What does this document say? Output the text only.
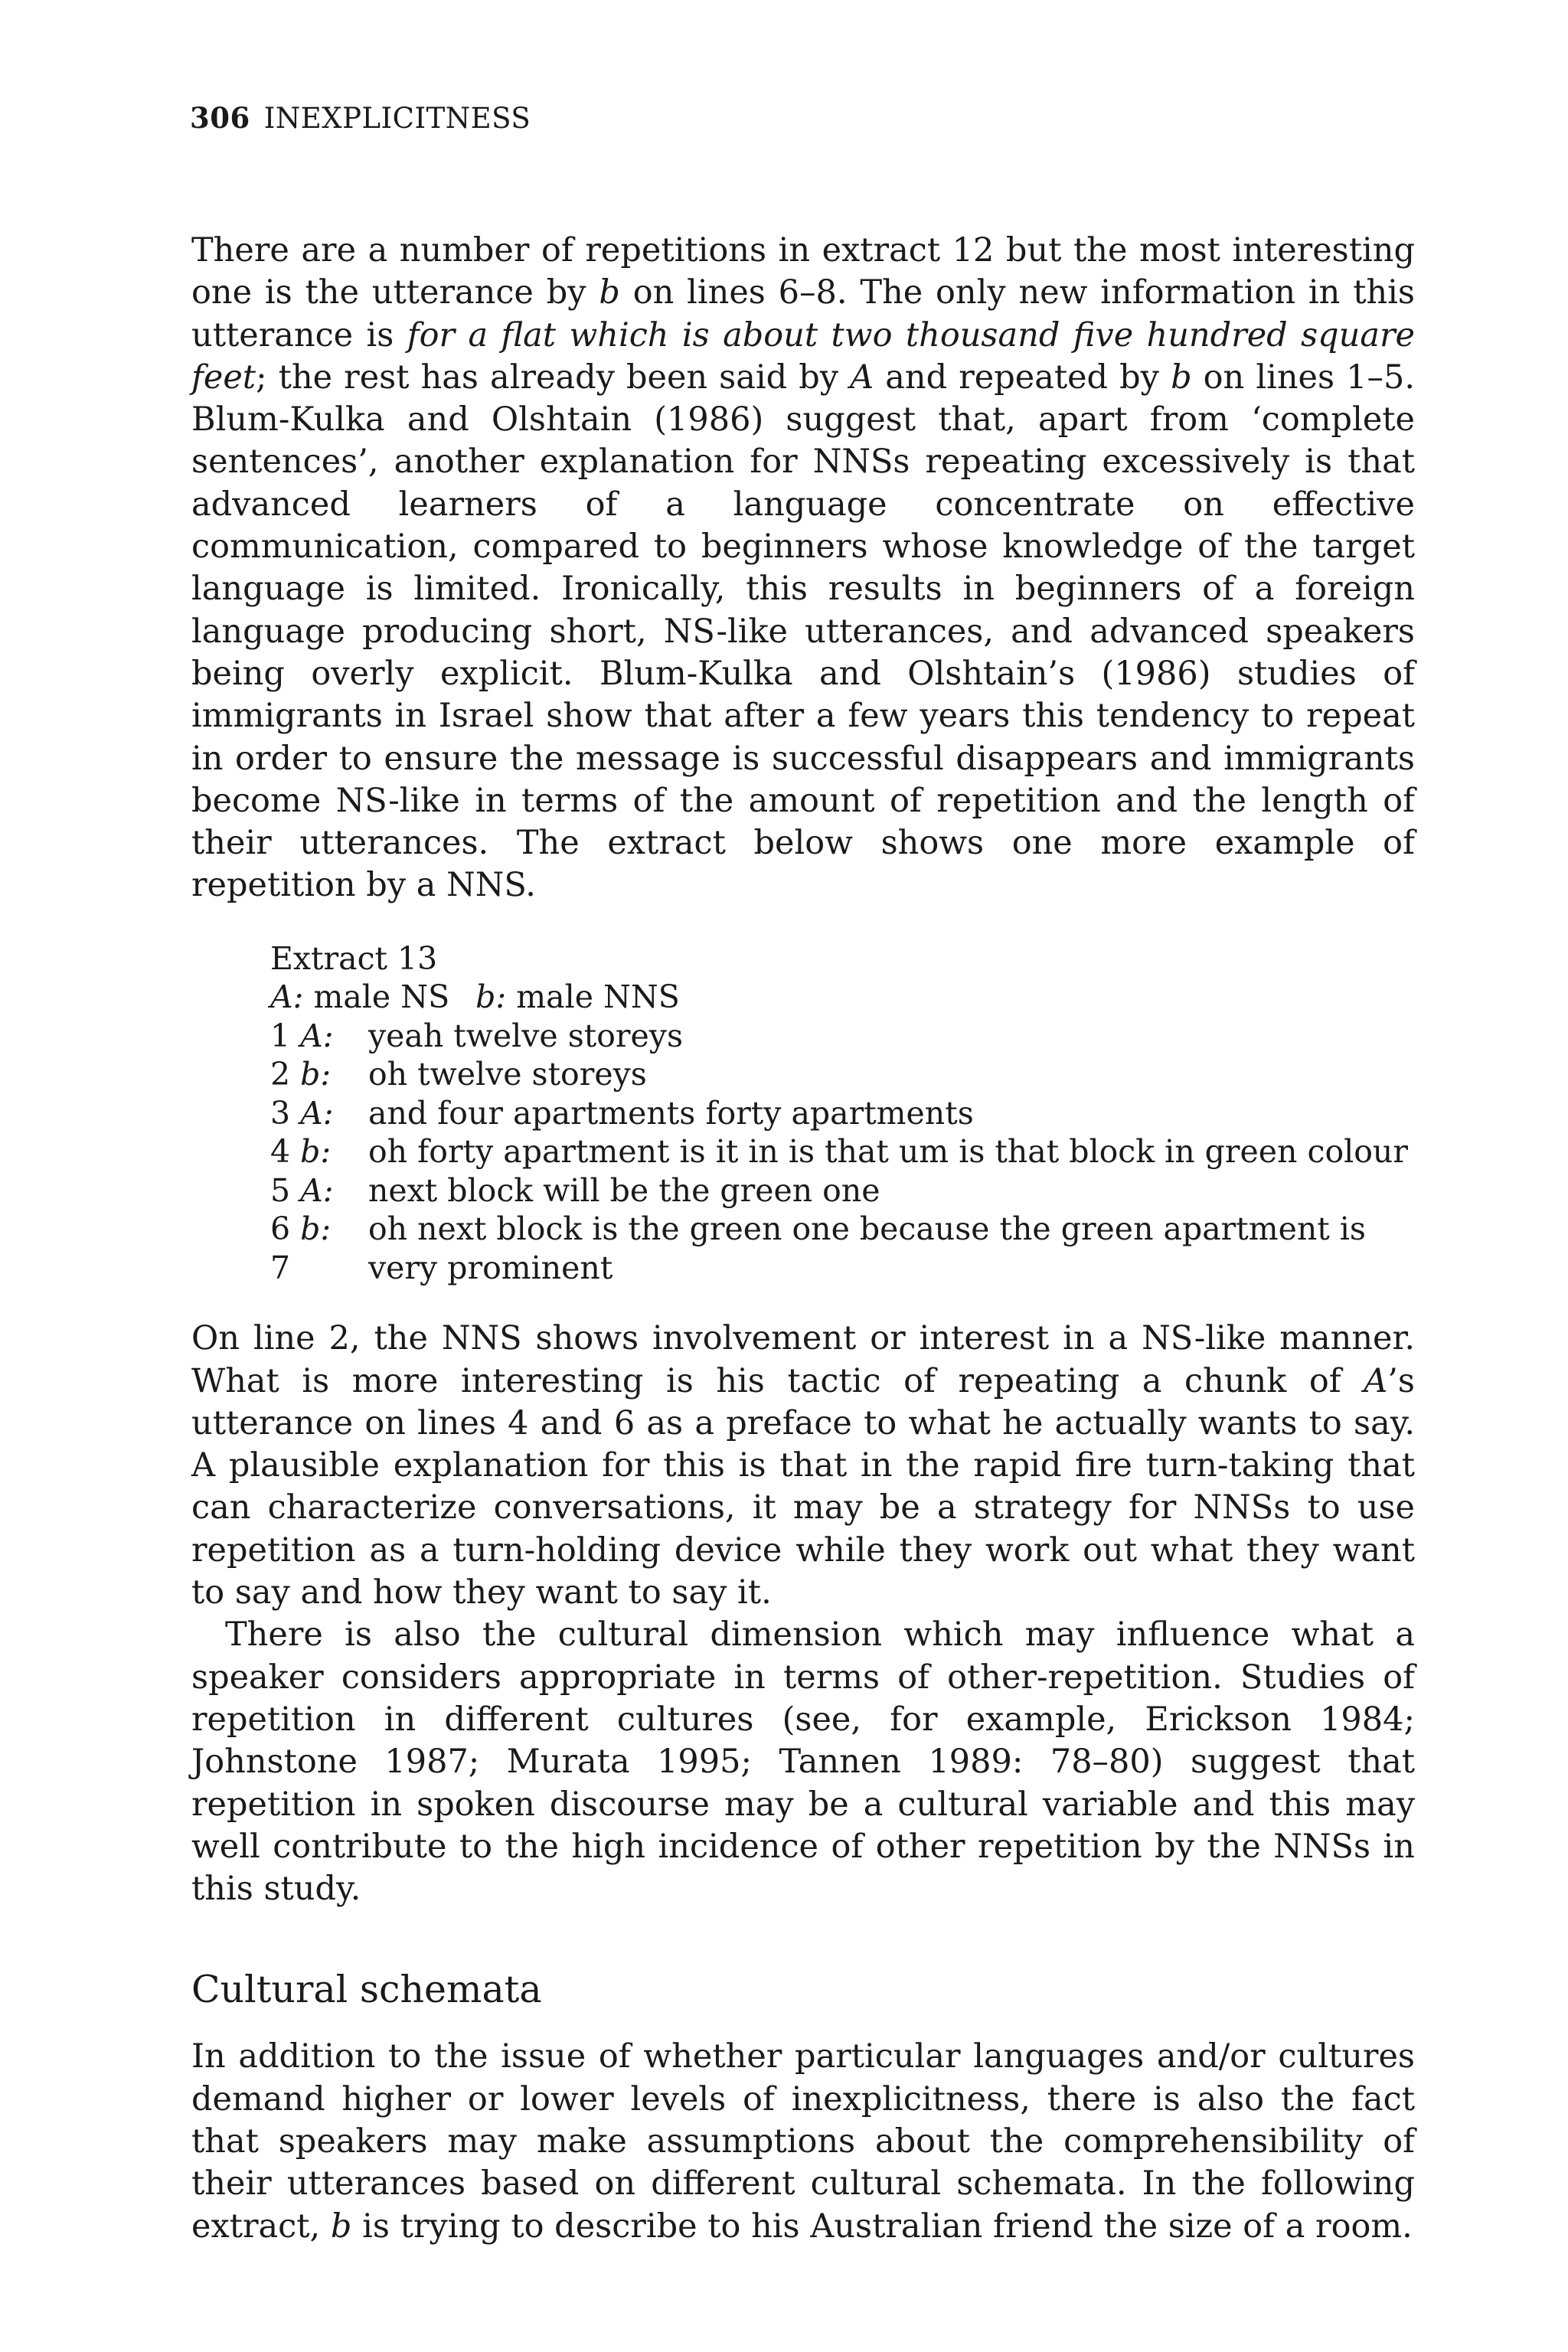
306 INEXPLICITNESS

There are a number of repetitions in extract 12 but the most interesting one is the utterance by b on lines 6–8. The only new information in this utterance is for a flat which is about two thousand five hundred square feet; the rest has already been said by A and repeated by b on lines 1–5. Blum-Kulka and Olshtain (1986) suggest that, apart from ‘complete sentences’, another explanation for NNSs repeating excessively is that advanced learners of a language concentrate on effective communication, compared to beginners whose knowledge of the target language is limited. Ironically, this results in beginners of a foreign language producing short, NS-like utterances, and advanced speakers being overly explicit. Blum-Kulka and Olshtain’s (1986) studies of immigrants in Israel show that after a few years this tendency to repeat in order to ensure the message is successful disappears and immigrants become NS-like in terms of the amount of repetition and the length of their utterances. The extract below shows one more example of repetition by a NNS.

Extract 13
A: male NS b: male NNS
1 A:	yeah twelve storeys
2 b:	oh twelve storeys
3 A:	and four apartments forty apartments
4 b:	oh forty apartment is it in is that um is that block in green colour
5 A:	next block will be the green one
6 b:	oh next block is the green one because the green apartment is
7	very prominent

On line 2, the NNS shows involvement or interest in a NS-like manner. What is more interesting is his tactic of repeating a chunk of A’s utterance on lines 4 and 6 as a preface to what he actually wants to say. A plausible explanation for this is that in the rapid fire turn-taking that can characterize conversations, it may be a strategy for NNSs to use repetition as a turn-holding device while they work out what they want to say and how they want to say it.

There is also the cultural dimension which may influence what a speaker considers appropriate in terms of other-repetition. Studies of repetition in different cultures (see, for example, Erickson 1984; Johnstone 1987; Murata 1995; Tannen 1989: 78–80) suggest that repetition in spoken discourse may be a cultural variable and this may well contribute to the high incidence of other repetition by the NNSs in this study.

Cultural schemata

In addition to the issue of whether particular languages and/or cultures demand higher or lower levels of inexplicitness, there is also the fact that speakers may make assumptions about the comprehensibility of their utterances based on different cultural schemata. In the following extract, b is trying to describe to his Australian friend the size of a room.
